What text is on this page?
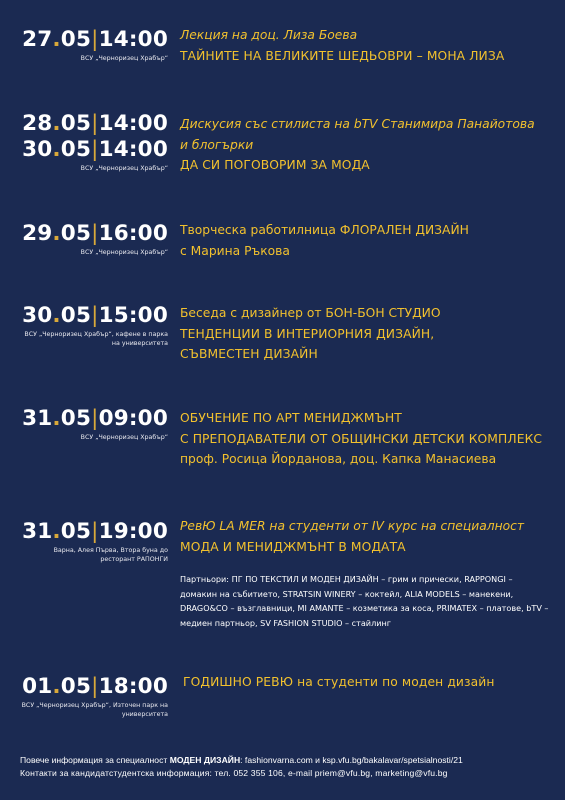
27.05|14:00
ВСУ „Черноризец Храбър“
Лекция на доц. Лиза Боева
ТАЙНИТЕ НА ВЕЛИКИТЕ ШЕДЬОВРИ – МОНА ЛИЗА
28.05|14:00
30.05|14:00
ВСУ „Черноризец Храбър“
Дискусия със стилиста на bTV Станимира Панайотова
и блогърки
ДА СИ ПОГОВОРИМ ЗА МОДА
29.05|16:00
ВСУ „Черноризец Храбър“
Творческа работилница ФЛОРАЛЕН ДИЗАЙН
с Марина Ръкова
30.05|15:00
ВСУ „Черноризец Храбър“, кафене в парка на университета
Беседа с дизайнер от БОН-БОН СТУДИО
ТЕНДЕНЦИИ В ИНТЕРИОРНИЯ ДИЗАЙН,
СЪВМЕСТЕН ДИЗАЙН
31.05|09:00
ВСУ „Черноризец Храбър“
ОБУЧЕНИЕ ПО АРТ МЕНИДЖМЪНТ
С ПРЕПОДАВАТЕЛИ ОТ ОБЩИНСКИ ДЕТСКИ КОМПЛЕКС
проф. Росица Йорданова, доц. Капка Манасиева
31.05|19:00
Варна, Алея Първа, Втора буна до ресторант РАПОНГИ
РевЮ LA MER на студенти от IV курс на специалност
МОДА И МЕНИДЖМЪНТ В МОДАТА
Партньори: ПГ ПО ТЕКСТИЛ И МОДЕН ДИЗАЙН – грим и прически, RAPPONGI – домакин на събитието, STRATSIN WINERY – коктейл, ALIA MODELS – манекени, DRAGO&CO – възглавници, MI AMANTE – козметика за коса, PRIMATEX – платове, bTV – медиен партньор, SV FASHION STUDIO – стайлинг
01.05|18:00
ВСУ „Черноризец Храбър“, Източен парк на университета
ГОДИШНО РЕВЮ на студенти по моден дизайн
Повече информация за специалност МОДЕН ДИЗАЙН: fashionvarna.com и ksp.vfu.bg/bakalavar/spetsialnosti/21
Контакти за кандидатстудентска информация: тел. 052 355 106, e-mail priem@vfu.bg, marketing@vfu.bg
